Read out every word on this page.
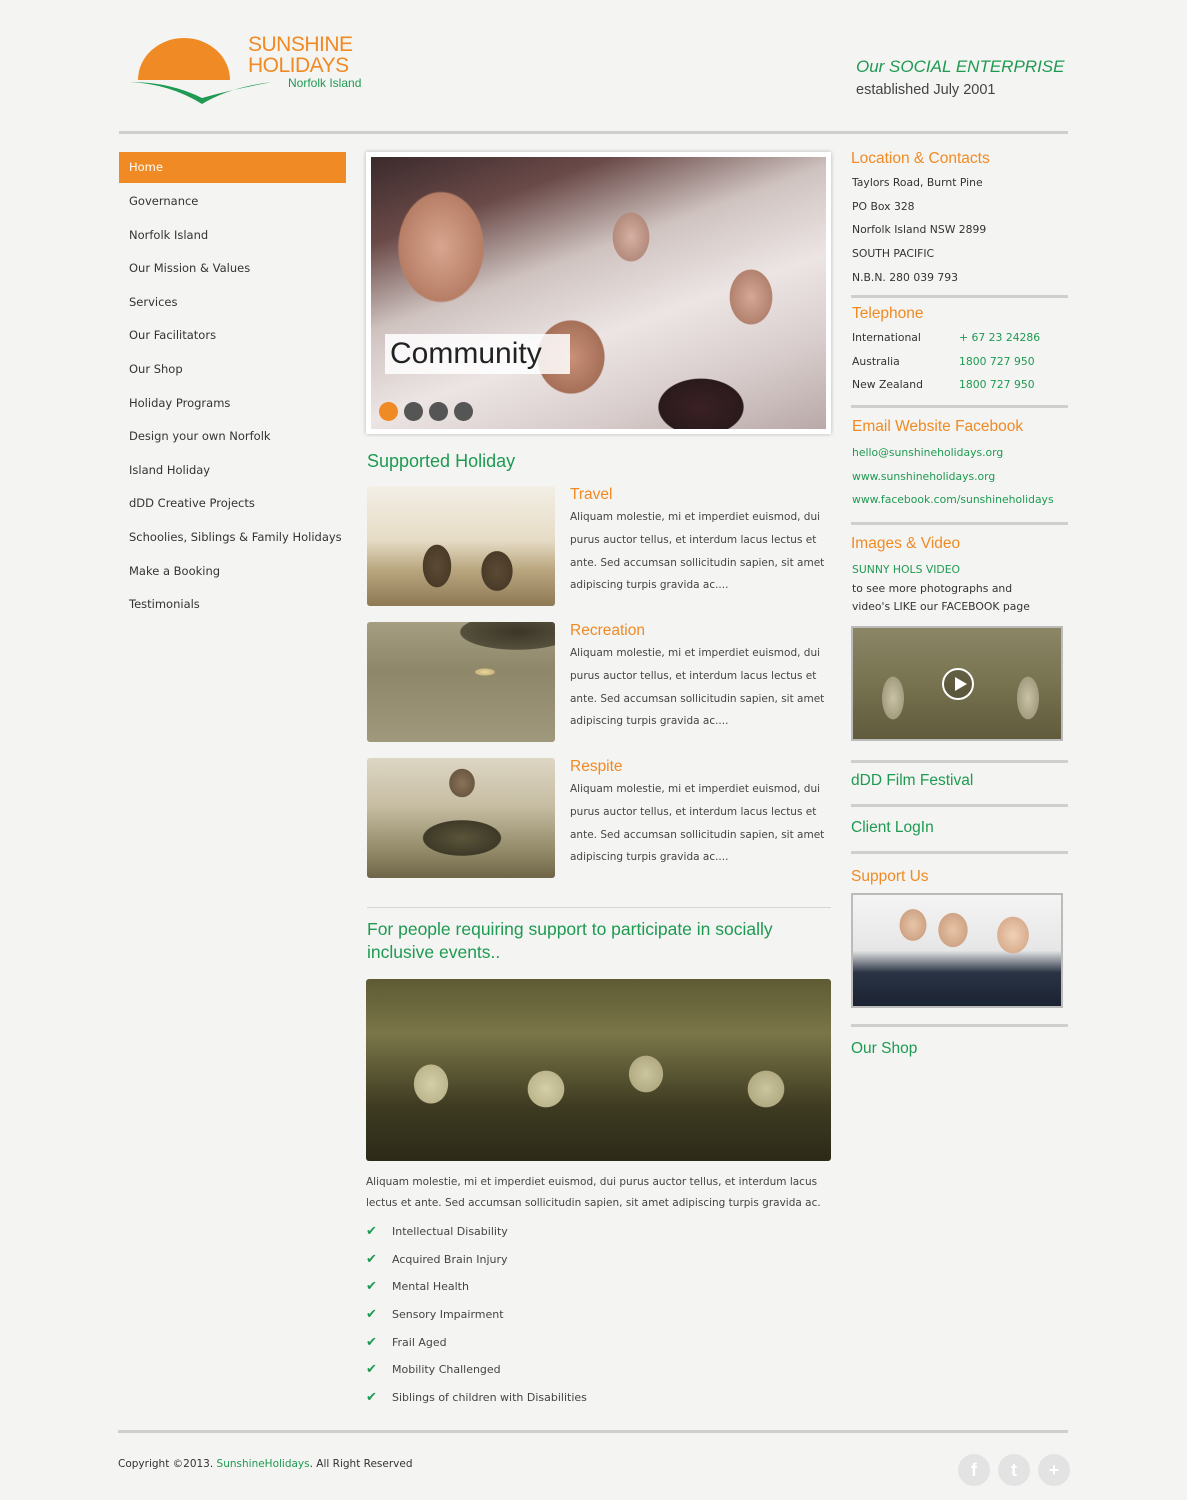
SUNSHINE
HOLIDAYS
Norfolk Island
Our SOCIAL ENTERPRISE
established July 2001
Home
Governance
Norfolk Island
Our Mission & Values
Services
Our Facilitators
Our Shop
Holiday Programs
Design your own Norfolk
Island Holiday
dDD Creative Projects
Schoolies, Siblings & Family Holidays
Make a Booking
Testimonials
Community
Supported Holiday
Travel
Aliquam molestie, mi et imperdiet euismod, dui purus auctor tellus, et interdum lacus lectus et ante. Sed accumsan sollicitudin sapien, sit amet adipiscing turpis gravida ac....
Recreation
Aliquam molestie, mi et imperdiet euismod, dui purus auctor tellus, et interdum lacus lectus et ante. Sed accumsan sollicitudin sapien, sit amet adipiscing turpis gravida ac....
Respite
Aliquam molestie, mi et imperdiet euismod, dui purus auctor tellus, et interdum lacus lectus et ante. Sed accumsan sollicitudin sapien, sit amet adipiscing turpis gravida ac....
For people requiring support to participate in socially inclusive events..
Aliquam molestie, mi et imperdiet euismod, dui purus auctor tellus, et interdum lacus lectus et ante. Sed accumsan sollicitudin sapien, sit amet adipiscing turpis gravida ac.
✔ Intellectual Disability
✔ Acquired Brain Injury
✔ Mental Health
✔ Sensory Impairment
✔ Frail Aged
✔ Mobility Challenged
✔ Siblings of children with Disabilities
Location & Contacts
Taylors Road, Burnt Pine
PO Box 328
Norfolk Island NSW 2899
SOUTH PACIFIC
N.B.N. 280 039 793
Telephone
International	+ 67 23 24286
Australia	1800 727 950
New Zealand	1800 727 950
Email Website Facebook
hello@sunshineholidays.org
www.sunshineholidays.org
www.facebook.com/sunshineholidays
Images & Video
SUNNY HOLS VIDEO
to see more photographs and video's LIKE our FACEBOOK page
dDD Film Festival
Client LogIn
Support Us
Our Shop
Copyright ©2013. SunshineHolidays. All Right Reserved	f	t	+
